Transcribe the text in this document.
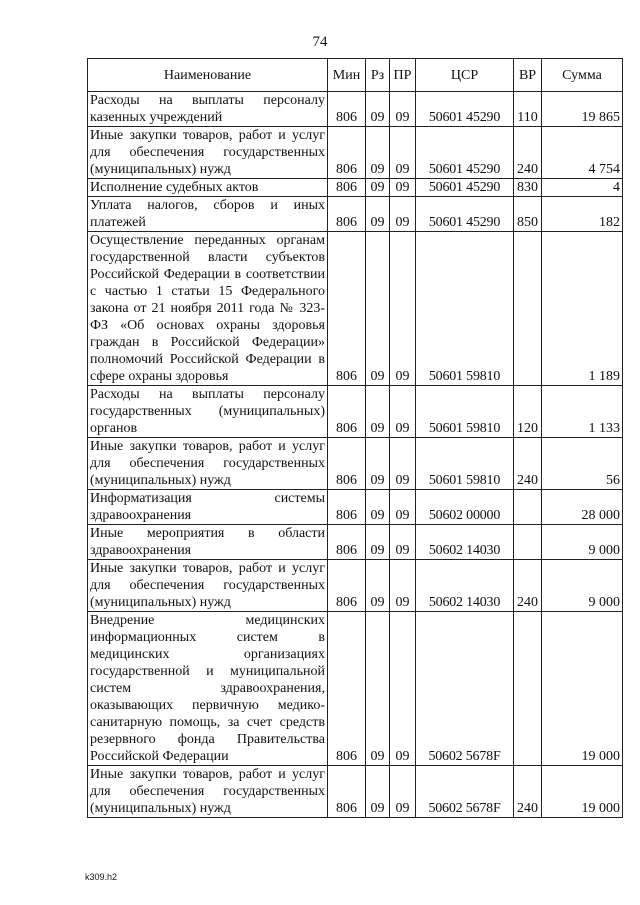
74
Наименование	Мин	Рз	ПР	ЦСР	ВР	Сумма
Расходы на выплаты персоналу казенных учреждений	806	09	09	50601 45290	110	19 865
Иные закупки товаров, работ и услуг для обеспечения государственных (муниципальных) нужд	806	09	09	50601 45290	240	4 754
Исполнение судебных актов	806	09	09	50601 45290	830	4
Уплата налогов, сборов и иных платежей	806	09	09	50601 45290	850	182
Осуществление переданных органам государственной власти субъектов Российской Федерации в соответствии с частью 1 статьи 15 Федерального закона от 21 ноября 2011 года № 323-ФЗ «Об основах охраны здоровья граждан в Российской Федерации» полномочий Российской Федерации в сфере охраны здоровья	806	09	09	50601 59810		1 189
Расходы на выплаты персоналу государственных (муниципальных) органов	806	09	09	50601 59810	120	1 133
Иные закупки товаров, работ и услуг для обеспечения государственных (муниципальных) нужд	806	09	09	50601 59810	240	56
Информатизация системы здравоохранения	806	09	09	50602 00000		28 000
Иные мероприятия в области здравоохранения	806	09	09	50602 14030		9 000
Иные закупки товаров, работ и услуг для обеспечения государственных (муниципальных) нужд	806	09	09	50602 14030	240	9 000
Внедрение медицинских информационных систем в медицинских организациях государственной и муниципальной систем здравоохранения, оказывающих первичную медико-санитарную помощь, за счет средств резервного фонда Правительства Российской Федерации	806	09	09	50602 5678F		19 000
Иные закупки товаров, работ и услуг для обеспечения государственных (муниципальных) нужд	806	09	09	50602 5678F	240	19 000
k309.h2
